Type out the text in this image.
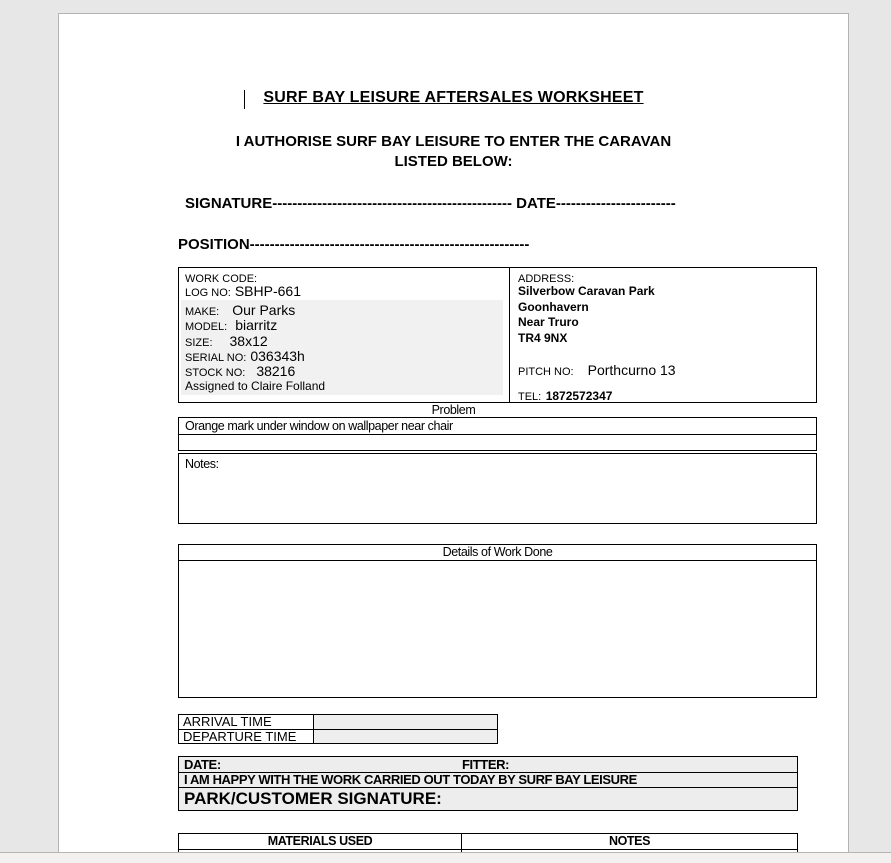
SURF BAY LEISURE AFTERSALES WORKSHEET
I AUTHORISE SURF BAY LEISURE TO ENTER THE CARAVAN
LISTED BELOW:
SIGNATURE------------------------------------------------ DATE------------------------
POSITION--------------------------------------------------------
WORK CODE:
LOG NO: SBHP-661
MAKE: Our Parks
MODEL: biarritz
SIZE: 38x12
SERIAL NO: 036343h
STOCK NO: 38216
Assigned to Claire Folland
ADDRESS:
Silverbow Caravan Park
Goonhavern
Near Truro
TR4 9NX
PITCH NO: Porthcurno 13
TEL: 1872572347
Problem
Orange mark under window on wallpaper near chair
Notes:
Details of Work Done
ARRIVAL TIME
DEPARTURE TIME
DATE:	FITTER:
I AM HAPPY WITH THE WORK CARRIED OUT TODAY BY SURF BAY LEISURE
PARK/CUSTOMER SIGNATURE:
MATERIALS USED	NOTES
